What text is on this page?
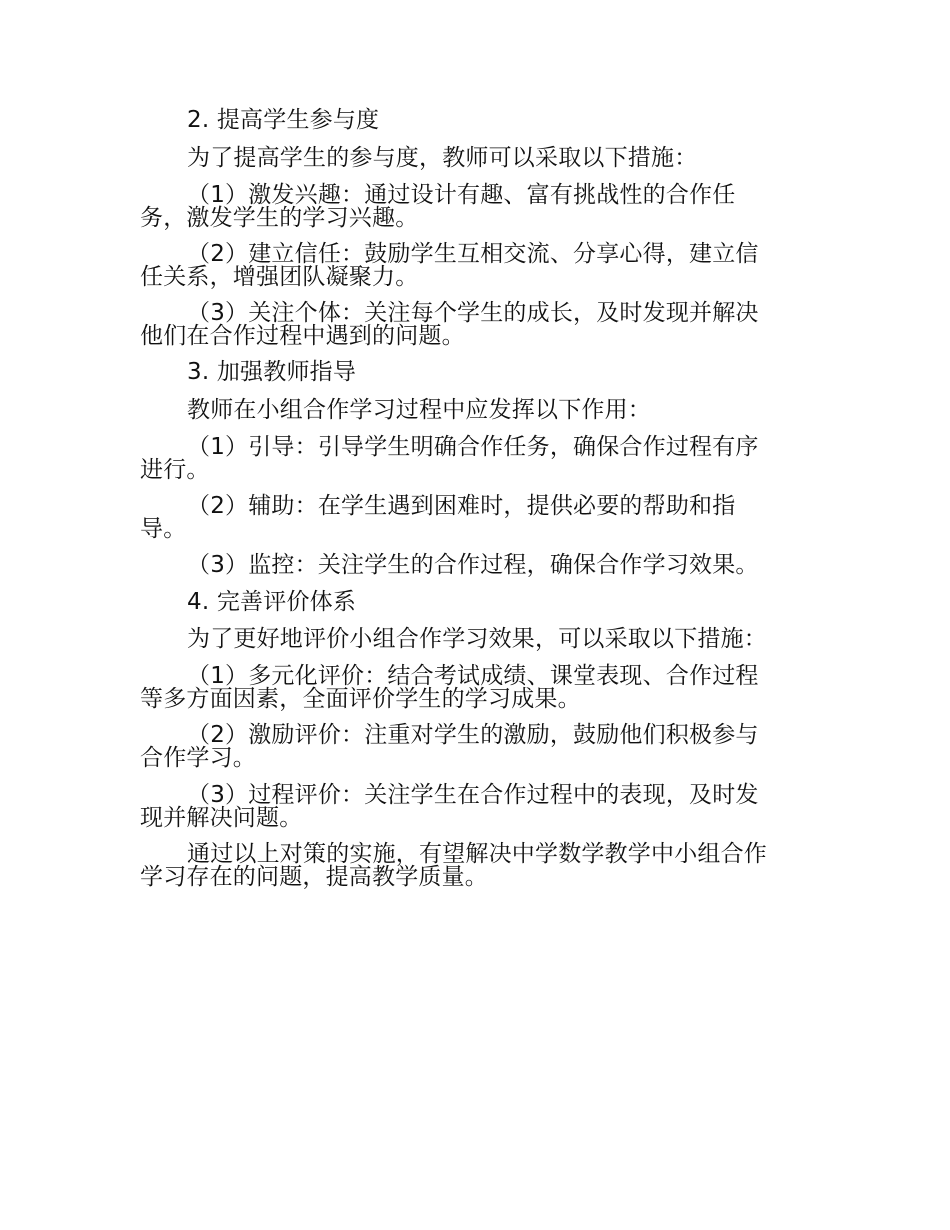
2. 提高学生参与度
为了提高学生的参与度，教师可以采取以下措施：
（1）激发兴趣：通过设计有趣、富有挑战性的合作任
务，激发学生的学习兴趣。
（2）建立信任：鼓励学生互相交流、分享心得，建立信
任关系，增强团队凝聚力。
（3）关注个体：关注每个学生的成长，及时发现并解决
他们在合作过程中遇到的问题。
3. 加强教师指导
教师在小组合作学习过程中应发挥以下作用：
（1）引导：引导学生明确合作任务，确保合作过程有序
进行。
（2）辅助：在学生遇到困难时，提供必要的帮助和指
导。
（3）监控：关注学生的合作过程，确保合作学习效果。
4. 完善评价体系
为了更好地评价小组合作学习效果，可以采取以下措施：
（1）多元化评价：结合考试成绩、课堂表现、合作过程
等多方面因素，全面评价学生的学习成果。
（2）激励评价：注重对学生的激励，鼓励他们积极参与
合作学习。
（3）过程评价：关注学生在合作过程中的表现，及时发
现并解决问题。
通过以上对策的实施，有望解决中学数学教学中小组合作
学习存在的问题，提高教学质量。
